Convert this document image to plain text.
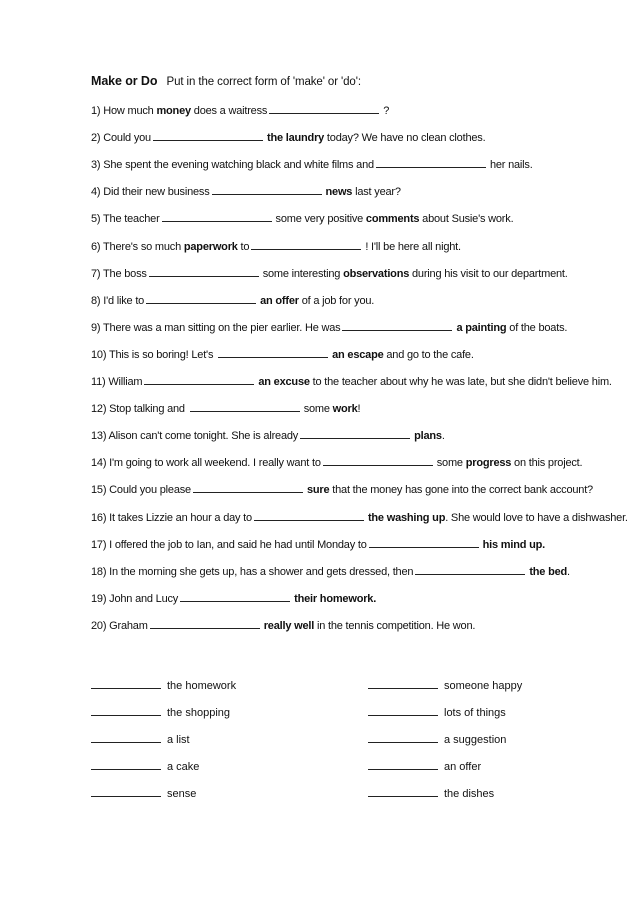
Make or Do Put in the correct form of 'make' or 'do':
1) How much money does a waitress	?
2) Could you	the laundry today? We have no clean clothes.
3) She spent the evening watching black and white films and	her nails.
4) Did their new business	news last year?
5) The teacher	some very positive comments about Susie's work.
6) There's so much paperwork to	! I'll be here all night.
7) The boss	some interesting observations during his visit to our department.
8) I'd like to	an offer of a job for you.
9) There was a man sitting on the pier earlier. He was	a painting of the boats.
10) This is so boring! Let's	an escape and go to the cafe.
11) William	an excuse to the teacher about why he was late, but she didn't believe him.
12) Stop talking and	some work!
13) Alison can't come tonight. She is already	plans.
14) I'm going to work all weekend. I really want to	some progress on this project.
15) Could you please	sure that the money has gone into the correct bank account?
16) It takes Lizzie an hour a day to	the washing up. She would love to have a dishwasher.
17) I offered the job to Ian, and said he had until Monday to	his mind up.
18) In the morning she gets up, has a shower and gets dressed, then	the bed.
19) John and Lucy	their homework.
20) Graham	really well in the tennis competition. He won.
the homework
the shopping
a list
a cake
sense
someone happy
lots of things
a suggestion
an offer
the dishes
